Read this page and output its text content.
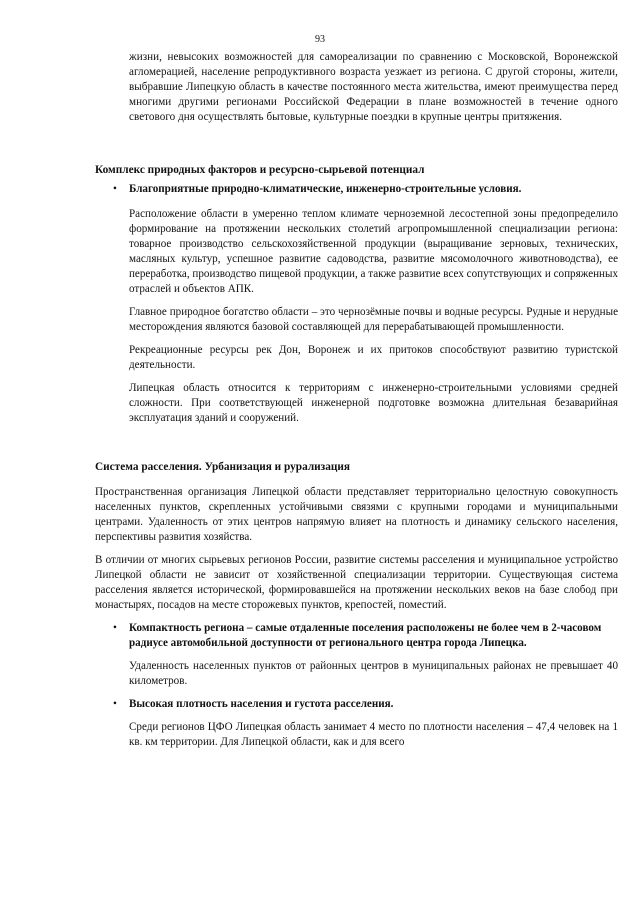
93

жизни, невысоких возможностей для самореализации по сравнению с Московской, Воронежской агломерацией, население репродуктивного возраста уезжает из региона. С другой стороны, жители, выбравшие Липецкую область в качестве постоянного места жительства, имеют преимущества перед многими другими регионами Российской Федерации в плане возможностей в течение одного светового дня осуществлять бытовые, культурные поездки в крупные центры притяжения.

Комплекс природных факторов и ресурсно-сырьевой потенциал
• Благоприятные природно-климатические, инженерно-строительные условия.

Расположение области в умеренно теплом климате черноземной лесостепной зоны предопределило формирование на протяжении нескольких столетий агропромышленной специализации региона: товарное производство сельскохозяйственной продукции (выращивание зерновых, технических, масляных культур, успешное развитие садоводства, развитие мясомолочного животноводства), ее переработка, производство пищевой продукции, а также развитие всех сопутствующих и сопряженных отраслей и объектов АПК.

Главное природное богатство области – это чернозёмные почвы и водные ресурсы. Рудные и нерудные месторождения являются базовой составляющей для перерабатывающей промышленности.

Рекреационные ресурсы рек Дон, Воронеж и их притоков способствуют развитию туристской деятельности.

Липецкая область относится к территориям с инженерно-строительными условиями средней сложности. При соответствующей инженерной подготовке возможна длительная безаварийная эксплуатация зданий и сооружений.

Система расселения. Урбанизация и рурализация

Пространственная организация Липецкой области представляет территориально целостную совокупность населенных пунктов, скрепленных устойчивыми связями с крупными городами и муниципальными центрами. Удаленность от этих центров напрямую влияет на плотность и динамику сельского населения, перспективы развития хозяйства.

В отличии от многих сырьевых регионов России, развитие системы расселения и муниципальное устройство Липецкой области не зависит от хозяйственной специализации территории. Существующая система расселения является исторической, формировавшейся на протяжении нескольких веков на базе слобод при монастырях, посадов на месте сторожевых пунктов, крепостей, поместий.

• Компактность региона – самые отдаленные поселения расположены не более чем в 2-часовом радиусе автомобильной доступности от регионального центра города Липецка.

Удаленность населенных пунктов от районных центров в муниципальных районах не превышает 40 километров.

• Высокая плотность населения и густота расселения.

Среди регионов ЦФО Липецкая область занимает 4 место по плотности населения – 47,4 человек на 1 кв. км территории. Для Липецкой области, как и для всего
